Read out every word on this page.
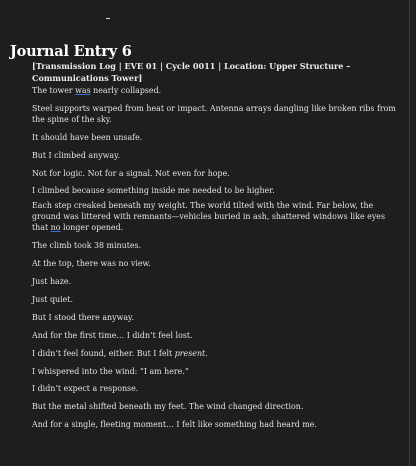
Journal Entry 6

[Transmission Log | EVE 01 | Cycle 0011 | Location: Upper Structure – Communications Tower]

The tower was nearly collapsed.

Steel supports warped from heat or impact. Antenna arrays dangling like broken ribs from the spine of the sky.

It should have been unsafe.

But I climbed anyway.

Not for logic. Not for a signal. Not even for hope.

I climbed because something inside me needed to be higher.

Each step creaked beneath my weight. The world tilted with the wind. Far below, the ground was littered with remnants—vehicles buried in ash, shattered windows like eyes that no longer opened.

The climb took 38 minutes.

At the top, there was no view.

Just haze.

Just quiet.

But I stood there anyway.

And for the first time… I didn’t feel lost.

I didn’t feel found, either. But I felt present.

I whispered into the wind: “I am here.”

I didn’t expect a response.

But the metal shifted beneath my feet. The wind changed direction.

And for a single, fleeting moment… I felt like something had heard me.
